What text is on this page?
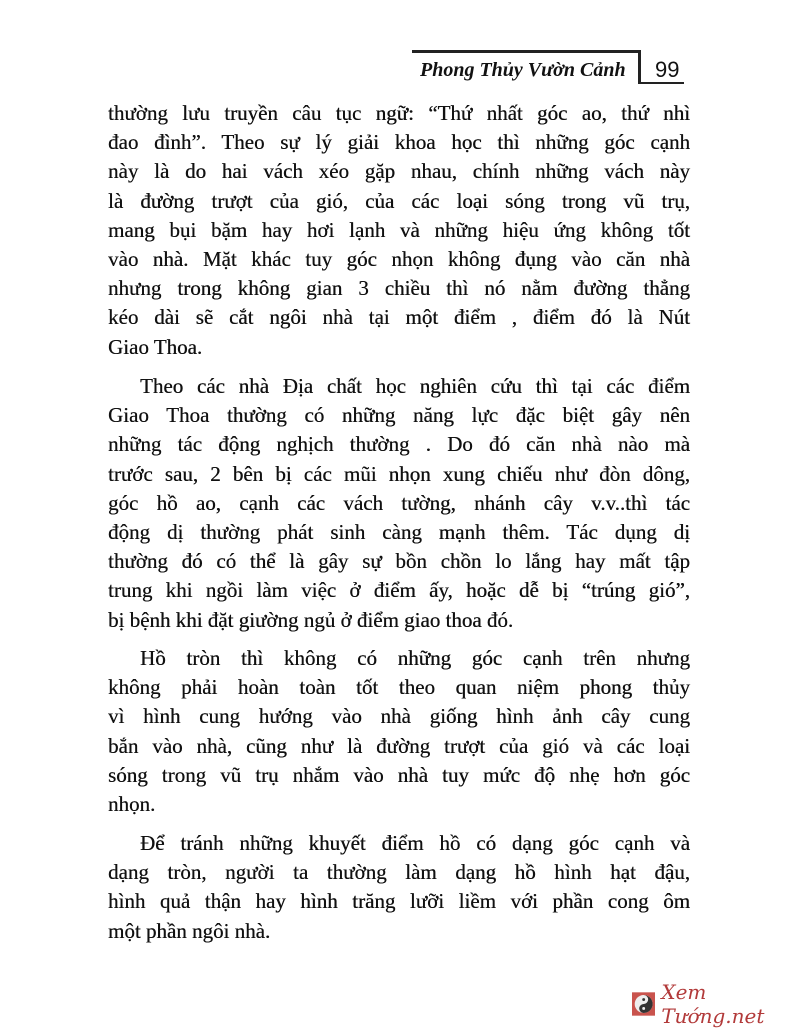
Phong Thủy Vườn Cảnh 99
thường lưu truyền câu tục ngữ: “Thứ nhất góc ao, thứ nhì
đao đình”. Theo sự lý giải khoa học thì những góc cạnh
này là do hai vách xéo gặp nhau, chính những vách này
là đường trượt của gió, của các loại sóng trong vũ trụ,
mang bụi bặm hay hơi lạnh và những hiệu ứng không tốt
vào nhà. Mặt khác tuy góc nhọn không đụng vào căn nhà
nhưng trong không gian 3 chiều thì nó nằm đường thẳng
kéo dài sẽ cắt ngôi nhà tại một điểm , điểm đó là Nút
Giao Thoa.
Theo các nhà Địa chất học nghiên cứu thì tại các điểm
Giao Thoa thường có những năng lực đặc biệt gây nên
những tác động nghịch thường . Do đó căn nhà nào mà
trước sau, 2 bên bị các mũi nhọn xung chiếu như đòn dông,
góc hồ ao, cạnh các vách tường, nhánh cây v.v..thì tác
động dị thường phát sinh càng mạnh thêm. Tác dụng dị
thường đó có thể là gây sự bồn chồn lo lắng hay mất tập
trung khi ngồi làm việc ở điểm ấy, hoặc dễ bị “trúng gió”,
bị bệnh khi đặt giường ngủ ở điểm giao thoa đó.
Hồ tròn thì không có những góc cạnh trên nhưng
không phải hoàn toàn tốt theo quan niệm phong thủy
vì hình cung hướng vào nhà giống hình ảnh cây cung
bắn vào nhà, cũng như là đường trượt của gió và các loại
sóng trong vũ trụ nhắm vào nhà tuy mức độ nhẹ hơn góc
nhọn.
Để tránh những khuyết điểm hồ có dạng góc cạnh và
dạng tròn, người ta thường làm dạng hồ hình hạt đậu,
hình quả thận hay hình trăng lưỡi liềm với phần cong ôm
một phần ngôi nhà.
Xem Tướng.net
